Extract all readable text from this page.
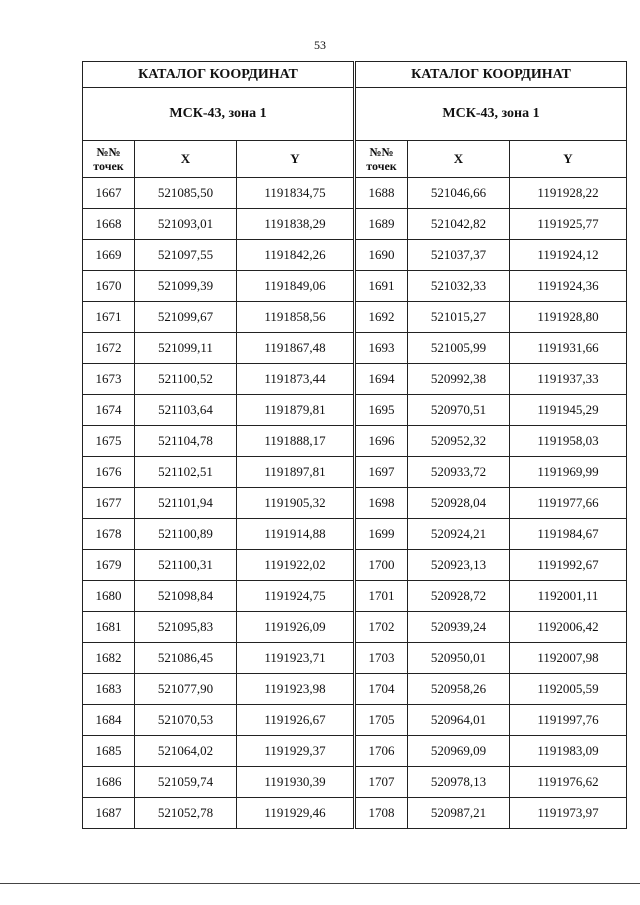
53
КАТАЛОГ КООРДИНАТ		
МСК-43, зона 1		
№№
точек	X	Y
1667	521085,50	1191834,75
1668	521093,01	1191838,29
1669	521097,55	1191842,26
1670	521099,39	1191849,06
1671	521099,67	1191858,56
1672	521099,11	1191867,48
1673	521100,52	1191873,44
1674	521103,64	1191879,81
1675	521104,78	1191888,17
1676	521102,51	1191897,81
1677	521101,94	1191905,32
1678	521100,89	1191914,88
1679	521100,31	1191922,02
1680	521098,84	1191924,75
1681	521095,83	1191926,09
1682	521086,45	1191923,71
1683	521077,90	1191923,98
1684	521070,53	1191926,67
1685	521064,02	1191929,37
1686	521059,74	1191930,39
1687	521052,78	1191929,46
КАТАЛОГ КООРДИНАТ		
МСК-43, зона 1		
№№
точек	X	Y
1688	521046,66	1191928,22
1689	521042,82	1191925,77
1690	521037,37	1191924,12
1691	521032,33	1191924,36
1692	521015,27	1191928,80
1693	521005,99	1191931,66
1694	520992,38	1191937,33
1695	520970,51	1191945,29
1696	520952,32	1191958,03
1697	520933,72	1191969,99
1698	520928,04	1191977,66
1699	520924,21	1191984,67
1700	520923,13	1191992,67
1701	520928,72	1192001,11
1702	520939,24	1192006,42
1703	520950,01	1192007,98
1704	520958,26	1192005,59
1705	520964,01	1191997,76
1706	520969,09	1191983,09
1707	520978,13	1191976,62
1708	520987,21	1191973,97
